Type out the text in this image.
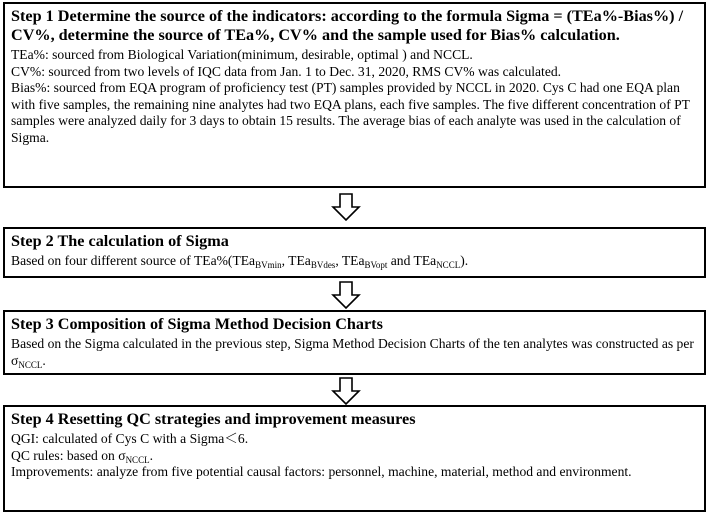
Step 1 Determine the source of the indicators: according to the formula Sigma = (TEa%-Bias%) / CV%, determine the source of TEa%, CV% and the sample used for Bias% calculation.

TEa%: sourced from Biological Variation(minimum, desirable, optimal ) and NCCL.

CV%: sourced from two levels of IQC data from Jan. 1 to Dec. 31, 2020, RMS CV% was calculated.

Bias%: sourced from EQA program of proficiency test (PT) samples provided by NCCL in 2020. Cys C had one EQA plan with five samples, the remaining nine analytes had two EQA plans, each five samples. The five different concentration of PT samples were analyzed daily for 3 days to obtain 15 results. The average bias of each analyte was used in the calculation of Sigma.

Step 2 The calculation of Sigma

Based on four different source of TEa%(TEa$_{BVmin}$, TEa$_{BVdes}$, TEa$_{BVopt}$ and TEa$_{NCCL}$).

Step 3 Composition of Sigma Method Decision Charts

Based on the Sigma calculated in the previous step, Sigma Method Decision Charts of the ten analytes was constructed as per $\sigma_{NCCL}$.

Step 4 Resetting QC strategies and improvement measures

QGI: calculated of Cys C with a Sigma＜6.

QC rules: based on $\sigma_{NCCL}$.

Improvements: analyze from five potential causal factors: personnel, machine, material, method and environment.
